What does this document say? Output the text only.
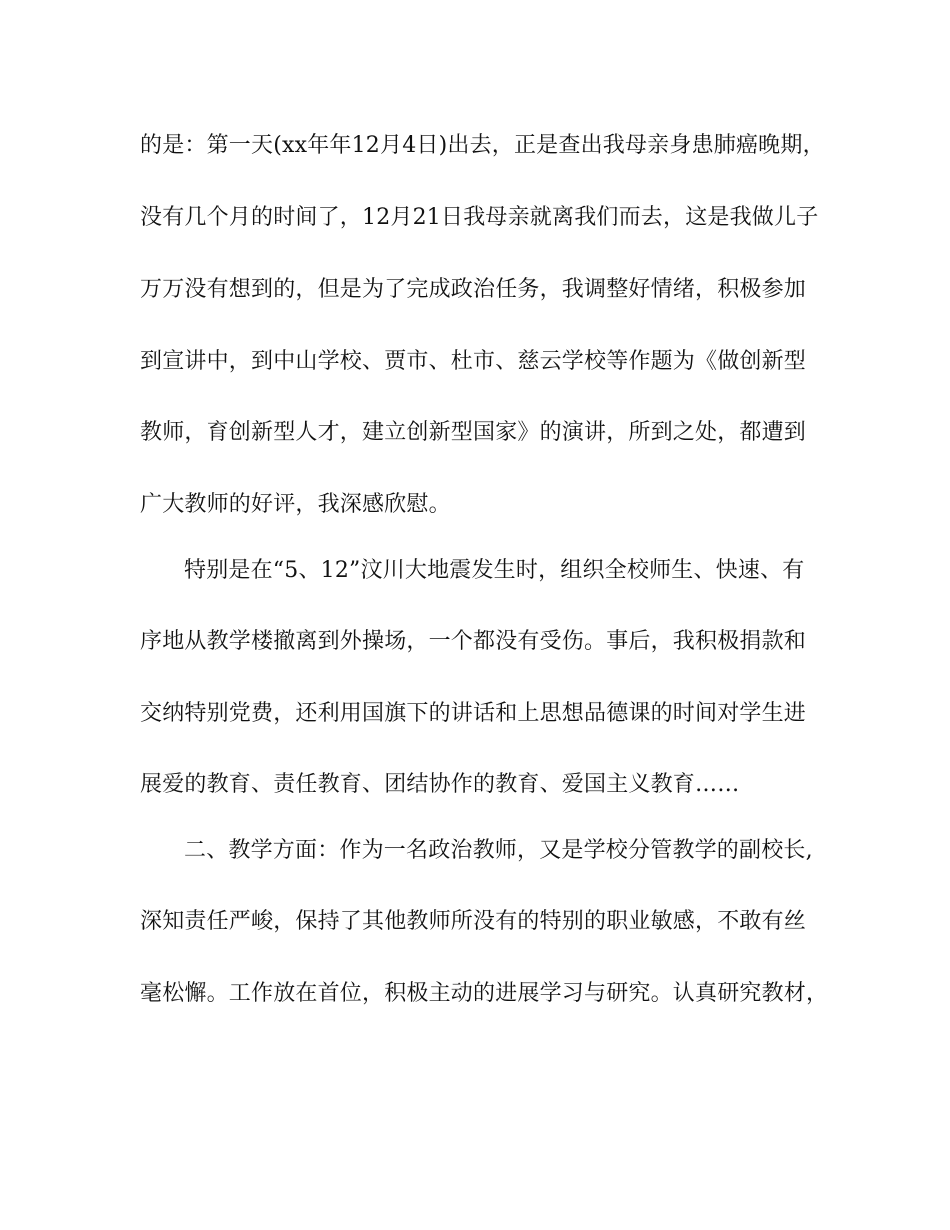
的是：第一天(xx年年12月4日)出去，正是查出我母亲身患肺癌晚期，
没有几个月的时间了，12月21日我母亲就离我们而去，这是我做儿子
万万没有想到的，但是为了完成政治任务，我调整好情绪，积极参加
到宣讲中，到中山学校、贾市、杜市、慈云学校等作题为《做创新型
教师，育创新型人才，建立创新型国家》的演讲，所到之处，都遭到
广大教师的好评，我深感欣慰。
特别是在“5、12”汶川大地震发生时，组织全校师生、快速、有
序地从教学楼撤离到外操场，一个都没有受伤。事后，我积极捐款和
交纳特别党费，还利用国旗下的讲话和上思想品德课的时间对学生进
展爱的教育、责任教育、团结协作的教育、爱国主义教育……
二、教学方面：作为一名政治教师，又是学校分管教学的副校长,
深知责任严峻，保持了其他教师所没有的特别的职业敏感，不敢有丝
毫松懈。工作放在首位，积极主动的进展学习与研究。认真研究教材，
